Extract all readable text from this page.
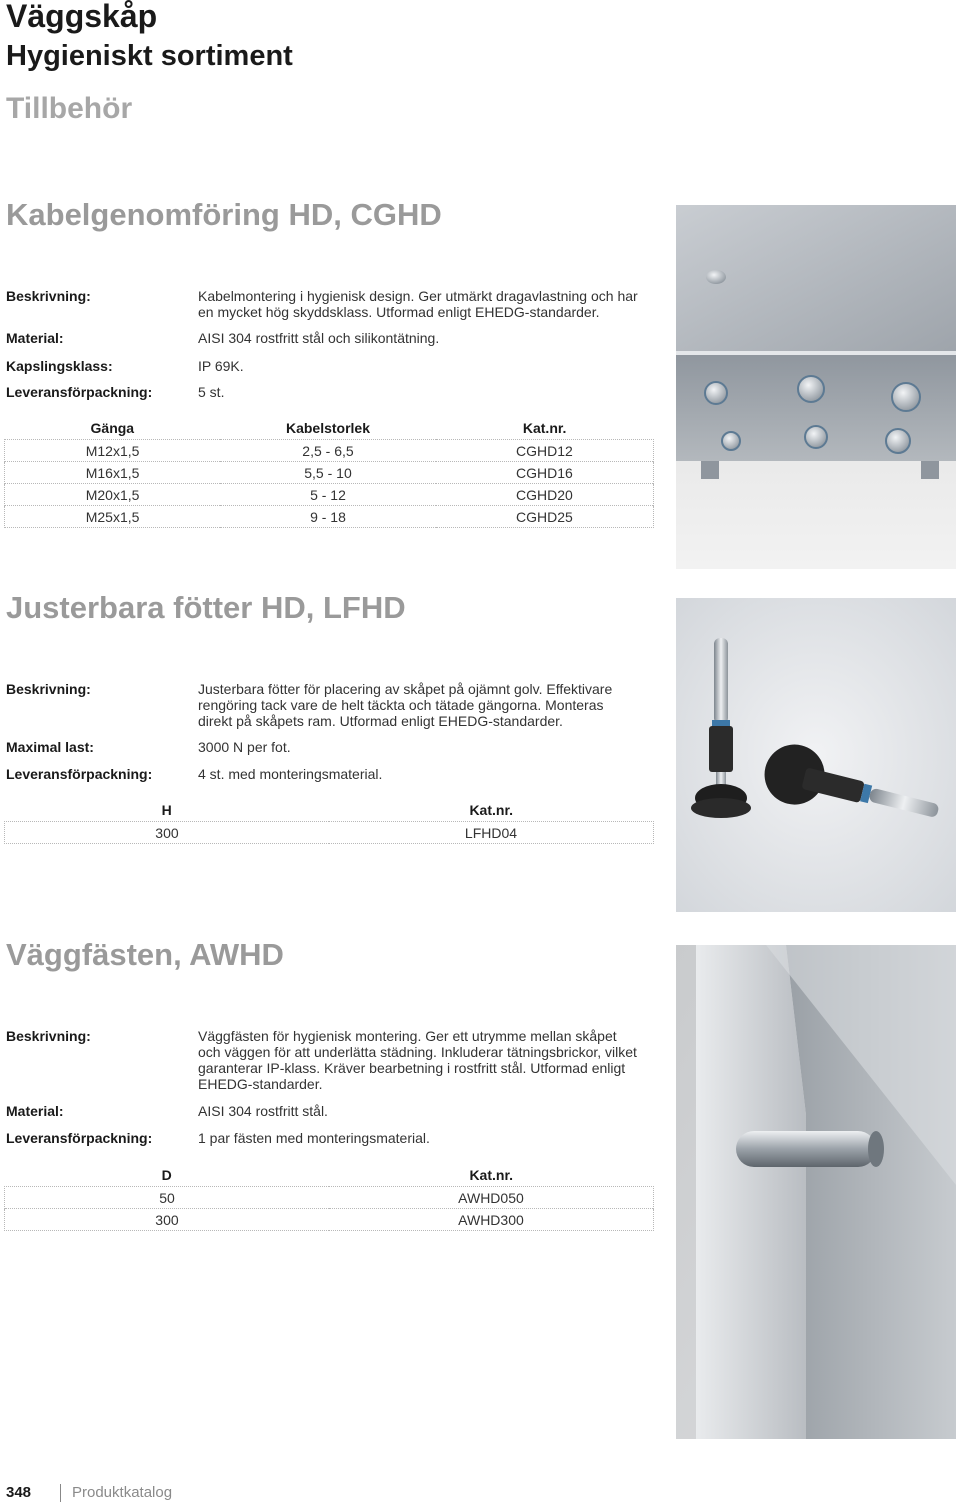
Väggskåp
Hygieniskt sortiment
Tillbehör
Kabelgenomföring HD, CGHD
Beskrivning:	Kabelmontering i hygienisk design. Ger utmärkt dragavlastning och har en mycket hög skyddsklass. Utformad enligt EHEDG-standarder.
Material:	AISI 304 rostfritt stål och silikontätning.
Kapslingsklass:	IP 69K.
Leveransförpackning:	5 st.
Gänga	Kabelstorlek	Kat.nr.
M12x1,5	2,5 - 6,5	CGHD12
M16x1,5	5,5 - 10	CGHD16
M20x1,5	5 - 12	CGHD20
M25x1,5	9 - 18	CGHD25
Justerbara fötter HD, LFHD
Beskrivning:	Justerbara fötter för placering av skåpet på ojämnt golv. Effektivare rengöring tack vare de helt täckta och tätade gängorna. Monteras direkt på skåpets ram. Utformad enligt EHEDG-standarder.
Maximal last:	3000 N per fot.
Leveransförpackning:	4 st. med monteringsmaterial.
H	Kat.nr.
300	LFHD04
Väggfästen, AWHD
Beskrivning:	Väggfästen för hygienisk montering. Ger ett utrymme mellan skåpet och väggen för att underlätta städning. Inkluderar tätningsbrickor, vilket garanterar IP-klass. Kräver bearbetning i rostfritt stål. Utformad enligt EHEDG-standarder.
Material:	AISI 304 rostfritt stål.
Leveransförpackning:	1 par fästen med monteringsmaterial.
D	Kat.nr.
50	AWHD050
300	AWHD300
348	Produktkatalog
